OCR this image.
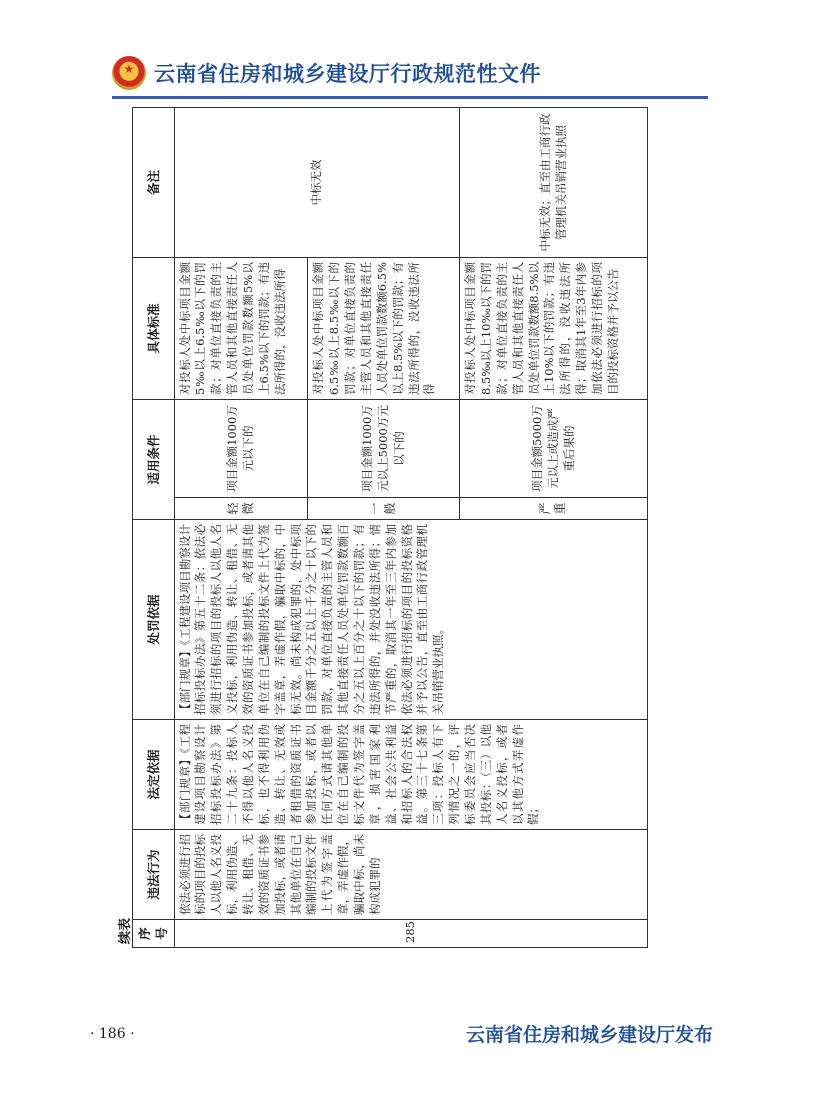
★ 云南省住房和城乡建设厅行政规范性文件
续表 序号	违法行为	法定依据	处罚依据	适用条件		具体标准	备注
285	依法必须进行招标的项目的投标人以他人名义投标，利用伪造、转让、租借、无效的资质证书参加投标，或者请其他单位在自己编制的投标文件上代为签字盖章，弄虚作假，骗取中标，尚未构成犯罪的	【部门规章】《工程建设项目勘察设计招标投标办法》第二十九条：投标人不得以他人名义投标，也不得利用伪造、转让、无效或者租借的资质证书参加投标，或者以任何方式请其他单位在自己编制的投标文件代为签字盖章，损害国家利益、社会公共利益和招标人的合法权益。第三十七条第三项：投标人有下列情况之一的，评标委员会应当否决其投标：（三）以他人名义投标，或者以其他方式弄虚作假；	【部门规章】《工程建设项目勘察设计招标投标办法》第五十二条：依法必须进行招标的项目的投标人以他人名义投标，利用伪造、转让、租借、无效的资质证书参加投标，或者请其他单位在自己编制的投标文件上代为签字盖章，弄虚作假，骗取中标的，中标无效。尚未构成犯罪的，处中标项目金额千分之五以上千分之十以下的罚款，对单位直接负责的主管人员和其他直接责任人员处单位罚款数额百分之五以上百分之十以下的罚款；有违法所得的，并处没收违法所得；情节严重的，取消其一年至三年内参加依法必须进行招标的项目的投标资格并予以公告，直至由工商行政管理机关吊销营业执照。	轻微	项目金额1000万元以下的	对投标人处中标项目金额5‰以上6.5‰以下的罚款；对单位直接负责的主管人员和其他直接责任人员处单位罚款数额5%以上6.5%以下的罚款；有违法所得的，没收违法所得	中标无效
				一般	项目金额1000万元以上5000万元以下的	对投标人处中标项目金额6.5‰以上8.5‰以下的罚款；对单位直接负责的主管人员和其他直接责任人员处单位罚款数额6.5%以上8.5%以下的罚款；有违法所得的，没收违法所得	
				严重	项目金额5000万元以上或造成严重后果的	对投标人处中标项目金额8.5‰以上10‰以下的罚款；对单位直接负责的主管人员和其他直接责任人员处单位罚款数额8.5%以上10%以下的罚款；有违法所得的，没收违法所得；取消其1年至3年内参加依法必须进行招标的项目的投标资格并予以公告	中标无效；直至由工商行政管理机关吊销营业执照
· 186 ·	云南省住房和城乡建设厅发布
